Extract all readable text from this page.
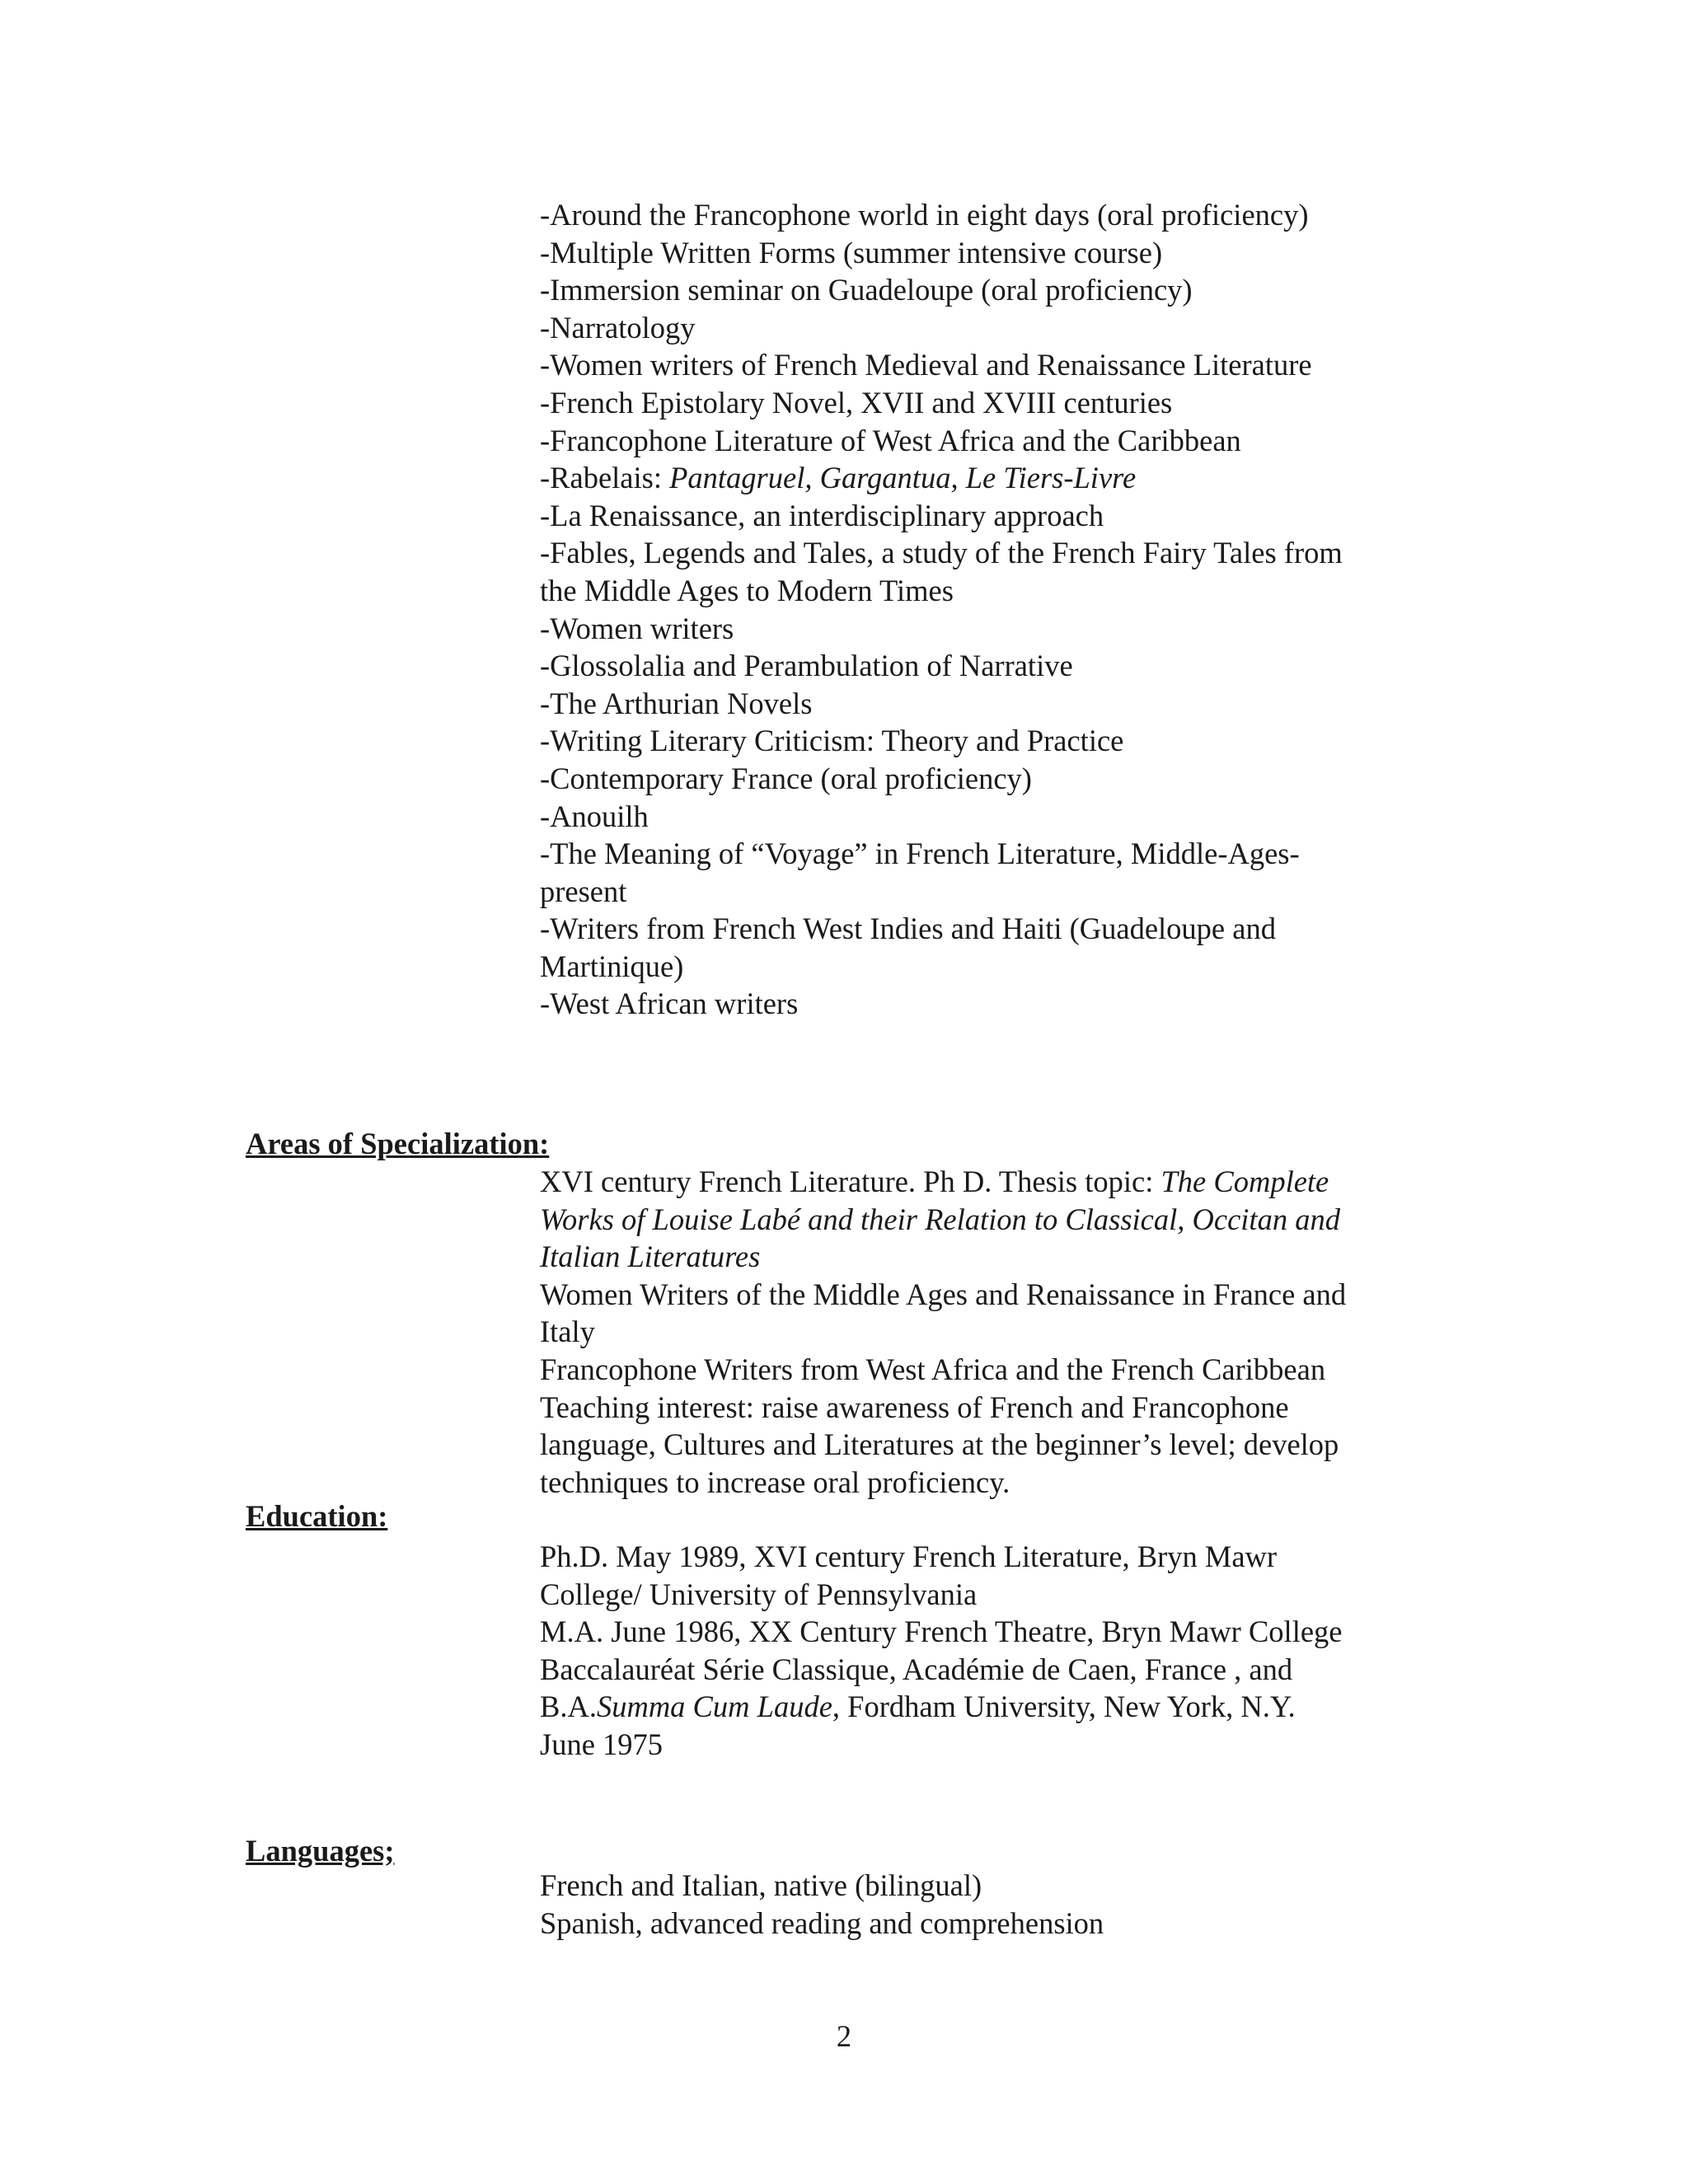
-Around the Francophone world in eight days (oral proficiency)
-Multiple Written Forms (summer intensive course)
-Immersion seminar on Guadeloupe (oral proficiency)
-Narratology
-Women writers of French Medieval and Renaissance Literature
-French Epistolary Novel, XVII and XVIII centuries
-Francophone Literature of West Africa and the Caribbean
-Rabelais: Pantagruel, Gargantua, Le Tiers-Livre
-La Renaissance, an interdisciplinary approach
-Fables, Legends and Tales, a study of the French Fairy Tales from
the Middle Ages to Modern Times
-Women writers
-Glossolalia and Perambulation of Narrative
-The Arthurian Novels
-Writing Literary Criticism: Theory and Practice
-Contemporary France (oral proficiency)
-Anouilh
-The Meaning of “Voyage” in French Literature, Middle-Ages-
present
-Writers from French West Indies and Haiti (Guadeloupe and
Martinique)
-West African writers
Areas of Specialization:
XVI century French Literature. Ph D. Thesis topic: The Complete
Works of Louise Labé and their Relation to Classical, Occitan and
Italian Literatures
Women Writers of the Middle Ages and Renaissance in France and
Italy
Francophone Writers from West Africa and the French Caribbean
Teaching interest: raise awareness of French and Francophone
language, Cultures and Literatures at the beginner’s level; develop
techniques to increase oral proficiency.
Education:
Ph.D. May 1989, XVI century French Literature, Bryn Mawr
College/ University of Pennsylvania
M.A. June 1986, XX Century French Theatre, Bryn Mawr College
Baccalauréat Série Classique, Académie de Caen, France , and
B.A.Summa Cum Laude, Fordham University, New York, N.Y.
June 1975
Languages;
French and Italian, native (bilingual)
Spanish, advanced reading and comprehension
2
